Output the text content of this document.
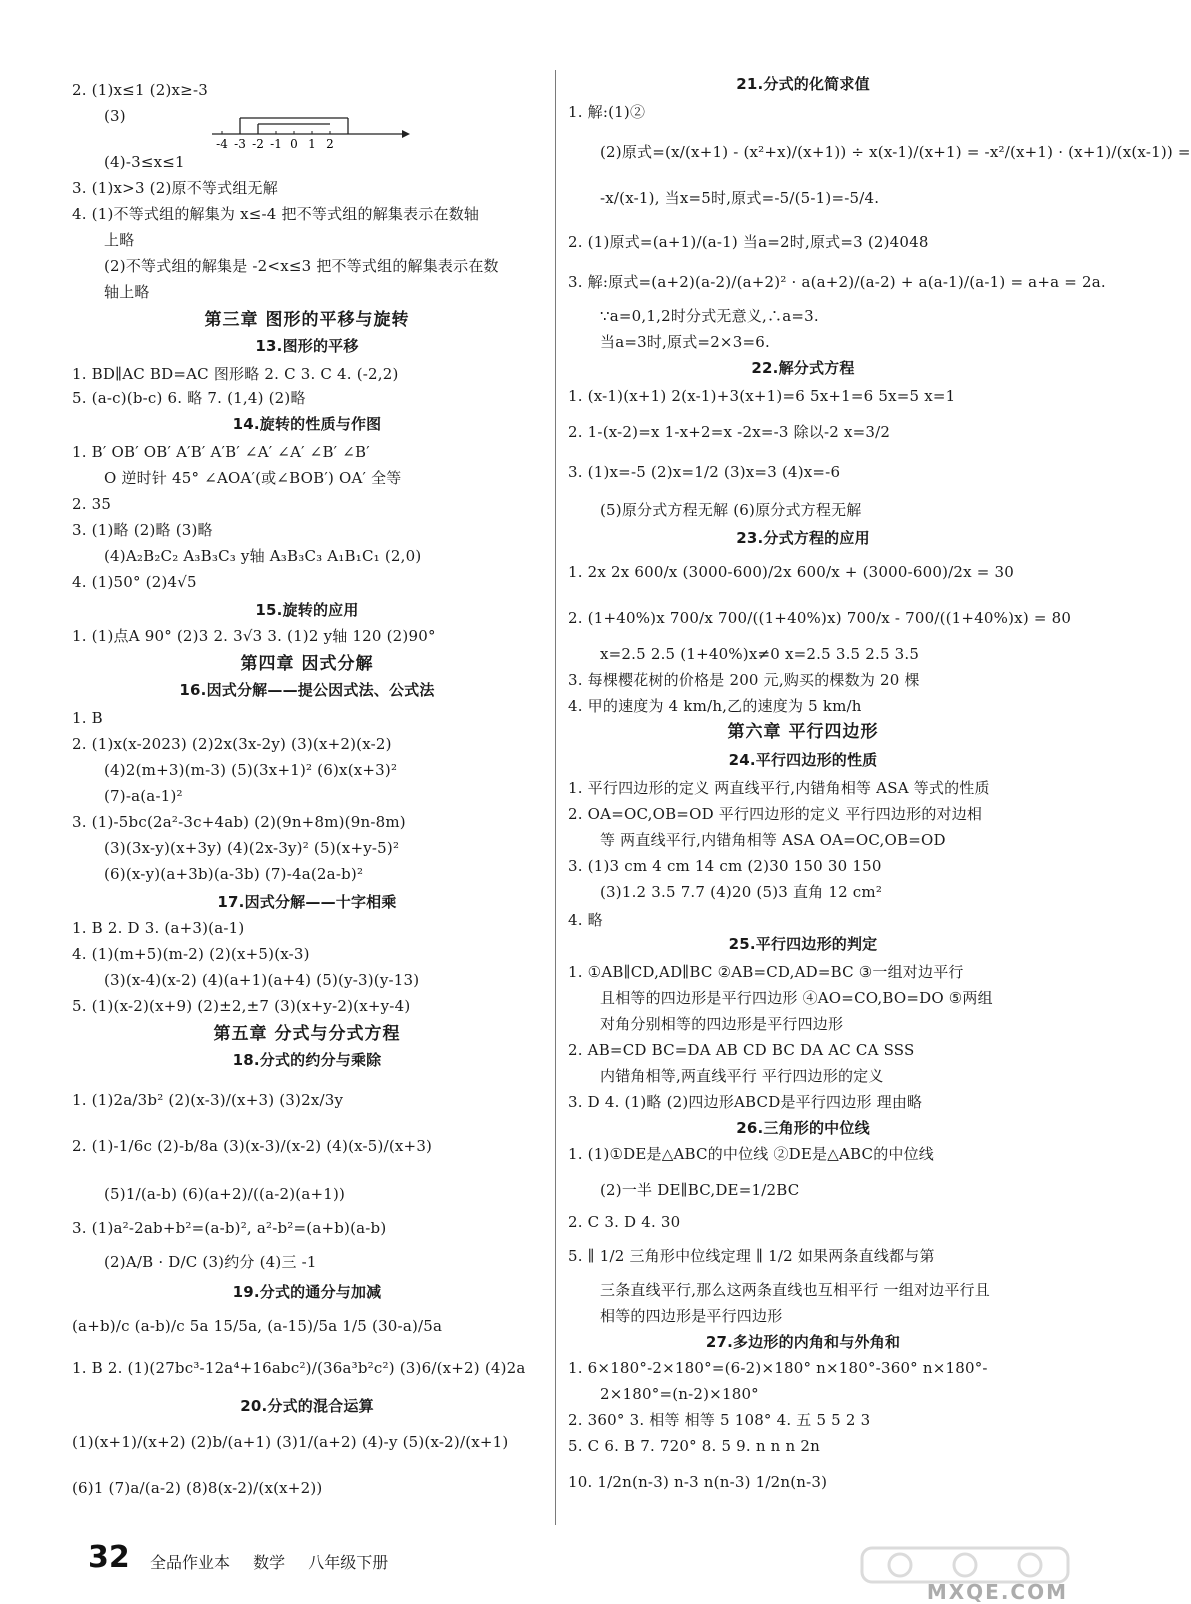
2. (1)x≤1 (2)x≥-3
(3)
(4)-3≤x≤1
3. (1)x>3 (2)原不等式组无解
4. (1)不等式组的解集为 x≤-4 把不等式组的解集表示在数轴
上略
(2)不等式组的解集是 -2<x≤3 把不等式组的解集表示在数
轴上略
第三章 图形的平移与旋转
13.图形的平移
1. BD∥AC BD=AC 图形略 2. C 3. C 4. (-2,2)
5. (a-c)(b-c) 6. 略 7. (1,4) (2)略
14.旋转的性质与作图
1. B′ OB′ OB′ A′B′ A′B′ ∠A′ ∠A′ ∠B′ ∠B′
O 逆时针 45° ∠AOA′(或∠BOB′) OA′ 全等
2. 35
3. (1)略 (2)略 (3)略
(4)A₂B₂C₂ A₃B₃C₃ y轴 A₃B₃C₃ A₁B₁C₁ (2,0)
4. (1)50° (2)4√5
15.旋转的应用
1. (1)点A 90° (2)3 2. 3√3 3. (1)2 y轴 120 (2)90°
第四章 因式分解
16.因式分解——提公因式法、公式法
1. B
2. (1)x(x-2023) (2)2x(3x-2y) (3)(x+2)(x-2)
(4)2(m+3)(m-3) (5)(3x+1)² (6)x(x+3)²
(7)-a(a-1)²
3. (1)-5bc(2a²-3c+4ab) (2)(9n+8m)(9n-8m)
(3)(3x-y)(x+3y) (4)(2x-3y)² (5)(x+y-5)²
(6)(x-y)(a+3b)(a-3b) (7)-4a(2a-b)²
17.因式分解——十字相乘
1. B 2. D 3. (a+3)(a-1)
4. (1)(m+5)(m-2) (2)(x+5)(x-3)
(3)(x-4)(x-2) (4)(a+1)(a+4) (5)(y-3)(y-13)
5. (1)(x-2)(x+9) (2)±2,±7 (3)(x+y-2)(x+y-4)
第五章 分式与分式方程
18.分式的约分与乘除
1. (1)2a/3b² (2)(x-3)/(x+3) (3)2x/3y
2. (1)-1/6c (2)-b/8a (3)(x-3)/(x-2) (4)(x-5)/(x+3)
(5)1/(a-b) (6)(a+2)/((a-2)(a+1))
3. (1)a²-2ab+b²=(a-b)², a²-b²=(a+b)(a-b)
(2)A/B · D/C (3)约分 (4)三 -1
19.分式的通分与加减
(a+b)/c (a-b)/c 5a 15/5a, (a-15)/5a 1/5 (30-a)/5a
1. B 2. (1)(27bc³-12a⁴+16abc²)/(36a³b²c²) (3)6/(x+2) (4)2a
20.分式的混合运算
(1)(x+1)/(x+2) (2)b/(a+1) (3)1/(a+2) (4)-y (5)(x-2)/(x+1)
(6)1 (7)a/(a-2) (8)8(x-2)/(x(x+2))
21.分式的化简求值
1. 解:(1)②
(2)原式=(x/(x+1) - (x²+x)/(x+1)) ÷ x(x-1)/(x+1) = -x²/(x+1) · (x+1)/(x(x-1)) =
-x/(x-1), 当x=5时,原式=-5/(5-1)=-5/4.
2. (1)原式=(a+1)/(a-1) 当a=2时,原式=3 (2)4048
3. 解:原式=(a+2)(a-2)/(a+2)² · a(a+2)/(a-2) + a(a-1)/(a-1) = a+a = 2a.
∵a=0,1,2时分式无意义,∴a=3.
当a=3时,原式=2×3=6.
22.解分式方程
1. (x-1)(x+1) 2(x-1)+3(x+1)=6 5x+1=6 5x=5 x=1
2. 1-(x-2)=x 1-x+2=x -2x=-3 除以-2 x=3/2
3. (1)x=-5 (2)x=1/2 (3)x=3 (4)x=-6
(5)原分式方程无解 (6)原分式方程无解
23.分式方程的应用
1. 2x 2x 600/x (3000-600)/2x 600/x + (3000-600)/2x = 30
2. (1+40%)x 700/x 700/((1+40%)x) 700/x - 700/((1+40%)x) = 80
x=2.5 2.5 (1+40%)x≠0 x=2.5 3.5 2.5 3.5
3. 每棵樱花树的价格是 200 元,购买的棵数为 20 棵
4. 甲的速度为 4 km/h,乙的速度为 5 km/h
第六章 平行四边形
24.平行四边形的性质
1. 平行四边形的定义 两直线平行,内错角相等 ASA 等式的性质
2. OA=OC,OB=OD 平行四边形的定义 平行四边形的对边相
等 两直线平行,内错角相等 ASA OA=OC,OB=OD
3. (1)3 cm 4 cm 14 cm (2)30 150 30 150
(3)1.2 3.5 7.7 (4)20 (5)3 直角 12 cm²
4. 略
25.平行四边形的判定
1. ①AB∥CD,AD∥BC ②AB=CD,AD=BC ③一组对边平行
且相等的四边形是平行四边形 ④AO=CO,BO=DO ⑤两组
对角分别相等的四边形是平行四边形
2. AB=CD BC=DA AB CD BC DA AC CA SSS
内错角相等,两直线平行 平行四边形的定义
3. D 4. (1)略 (2)四边形ABCD是平行四边形 理由略
26.三角形的中位线
1. (1)①DE是△ABC的中位线 ②DE是△ABC的中位线
(2)一半 DE∥BC,DE=1/2BC
2. C 3. D 4. 30
5. ∥ 1/2 三角形中位线定理 ∥ 1/2 如果两条直线都与第
三条直线平行,那么这两条直线也互相平行 一组对边平行且
相等的四边形是平行四边形
27.多边形的内角和与外角和
1. 6×180°-2×180°=(6-2)×180° n×180°-360° n×180°-
2×180°=(n-2)×180°
2. 360° 3. 相等 相等 5 108° 4. 五 5 5 2 3
5. C 6. B 7. 720° 8. 5 9. n n n 2n
10. 1/2n(n-3) n-3 n(n-3) 1/2n(n-3)
-4 -3 -2 -1 0 1 2
32 全品作业本 数学 八年级下册
MXQE.COM
